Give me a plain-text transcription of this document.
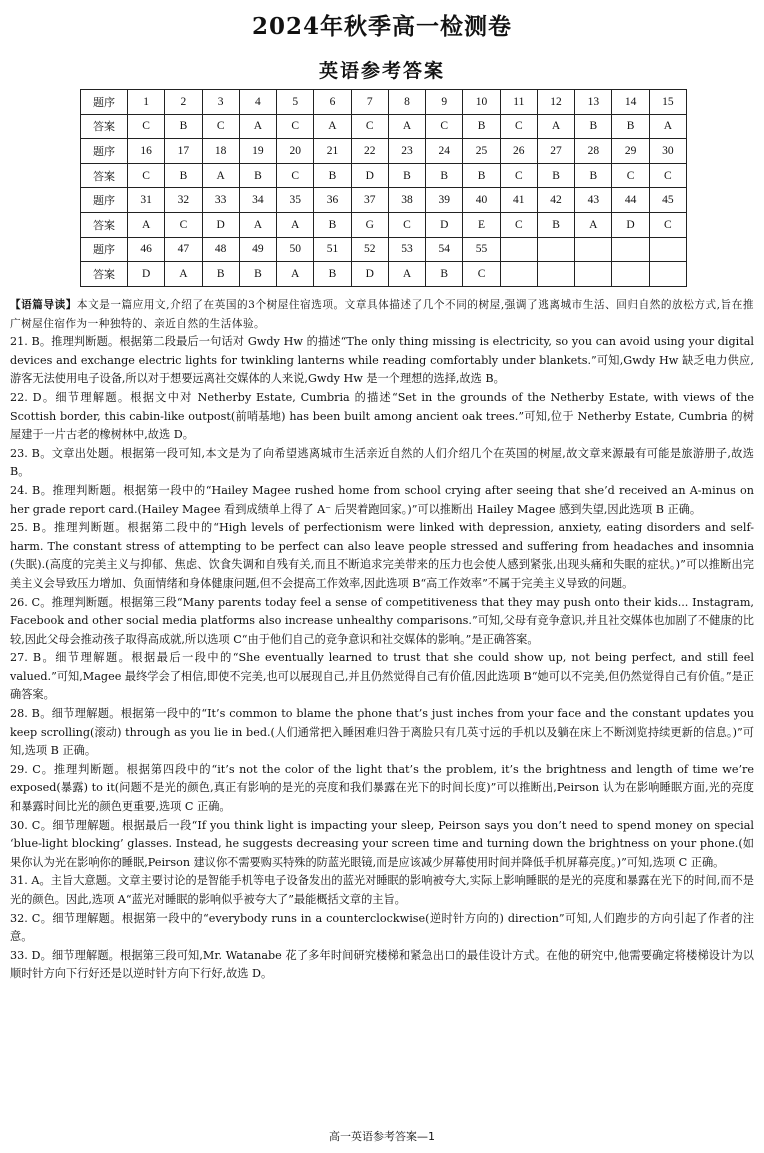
2024年秋季高一检测卷
英语参考答案
题序	1	2	3	4	5	6	7	8	9	10	11	12	13	14	15
答案	C	B	C	A	C	A	C	A	C	B	C	A	B	B	A
题序	16	17	18	19	20	21	22	23	24	25	26	27	28	29	30
答案	C	B	A	B	C	B	D	B	B	B	C	B	B	C	C
题序	31	32	33	34	35	36	37	38	39	40	41	42	43	44	45
答案	A	C	D	A	A	B	G	C	D	E	C	B	A	D	C
题序	46	47	48	49	50	51	52	53	54	55					
答案	D	A	B	B	A	B	D	A	B	C					

【语篇导读】本文是一篇应用文,介绍了在英国的3个树屋住宿选项。文章具体描述了几个不同的树屋,强调了逃离城市生活、回归自然的放松方式,旨在推广树屋住宿作为一种独特的、亲近自然的生活体验。

21. B。推理判断题。根据第二段最后一句话对 Gwdy Hw 的描述“The only thing missing is electricity, so you can avoid using your digital devices and exchange electric lights for twinkling lanterns while reading comfortably under blankets.”可知,Gwdy Hw 缺乏电力供应,游客无法使用电子设备,所以对于想要远离社交媒体的人来说,Gwdy Hw 是一个理想的选择,故选 B。

22. D。细节理解题。根据文中对 Netherby Estate, Cumbria 的描述“Set in the grounds of the Netherby Estate, with views of the Scottish border, this cabin-like outpost(前哨基地) has been built among ancient oak trees.”可知,位于 Netherby Estate, Cumbria 的树屋建于一片古老的橡树林中,故选 D。

23. B。文章出处题。根据第一段可知,本文是为了向希望逃离城市生活亲近自然的人们介绍几个在英国的树屋,故文章来源最有可能是旅游册子,故选 B。

24. B。推理判断题。根据第一段中的“Hailey Magee rushed home from school crying after seeing that she’d received an A-minus on her grade report card.(Hailey Magee 看到成绩单上得了 A⁻ 后哭着跑回家。)”可以推断出 Hailey Magee 感到失望,因此选项 B 正确。

25. B。推理判断题。根据第二段中的“High levels of perfectionism were linked with depression, anxiety, eating disorders and self-harm. The constant stress of attempting to be perfect can also leave people stressed and suffering from headaches and insomnia (失眠).(高度的完美主义与抑郁、焦虑、饮食失调和自残有关,而且不断追求完美带来的压力也会使人感到紧张,出现头痛和失眠的症状。)”可以推断出完美主义会导致压力增加、负面情绪和身体健康问题,但不会提高工作效率,因此选项 B“高工作效率”不属于完美主义导致的问题。

26. C。推理判断题。根据第三段“Many parents today feel a sense of competitiveness that they may push onto their kids... Instagram, Facebook and other social media platforms also increase unhealthy comparisons.”可知,父母有竞争意识,并且社交媒体也加剧了不健康的比较,因此父母会推动孩子取得高成就,所以选项 C“由于他们自己的竞争意识和社交媒体的影响。”是正确答案。

27. B。细节理解题。根据最后一段中的“She eventually learned to trust that she could show up, not being perfect, and still feel valued.”可知,Magee 最终学会了相信,即使不完美,也可以展现自己,并且仍然觉得自己有价值,因此选项 B“她可以不完美,但仍然觉得自己有价值。”是正确答案。

28. B。细节理解题。根据第一段中的“It’s common to blame the phone that’s just inches from your face and the constant updates you keep scrolling(滚动) through as you lie in bed.(人们通常把入睡困难归咎于离脸只有几英寸远的手机以及躺在床上不断浏览持续更新的信息。)”可知,选项 B 正确。

29. C。推理判断题。根据第四段中的“it’s not the color of the light that’s the problem, it’s the brightness and length of time we’re exposed(暴露) to it(问题不是光的颜色,真正有影响的是光的亮度和我们暴露在光下的时间长度)”可以推断出,Peirson 认为在影响睡眠方面,光的亮度和暴露时间比光的颜色更重要,选项 C 正确。

30. C。细节理解题。根据最后一段“If you think light is impacting your sleep, Peirson says you don’t need to spend money on special ‘blue-light blocking’ glasses. Instead, he suggests decreasing your screen time and turning down the brightness on your phone.(如果你认为光在影响你的睡眠,Peirson 建议你不需要购买特殊的防蓝光眼镜,而是应该减少屏幕使用时间并降低手机屏幕亮度。)”可知,选项 C 正确。

31. A。主旨大意题。文章主要讨论的是智能手机等电子设备发出的蓝光对睡眠的影响被夸大,实际上影响睡眠的是光的亮度和暴露在光下的时间,而不是光的颜色。因此,选项 A“蓝光对睡眠的影响似乎被夸大了”最能概括文章的主旨。

32. C。细节理解题。根据第一段中的“everybody runs in a counterclockwise(逆时针方向的) direction”可知,人们跑步的方向引起了作者的注意。

33. D。细节理解题。根据第三段可知,Mr. Watanabe 花了多年时间研究楼梯和紧急出口的最佳设计方式。在他的研究中,他需要确定将楼梯设计为以顺时针方向下行好还是以逆时针方向下行好,故选 D。

高一英语参考答案—1
